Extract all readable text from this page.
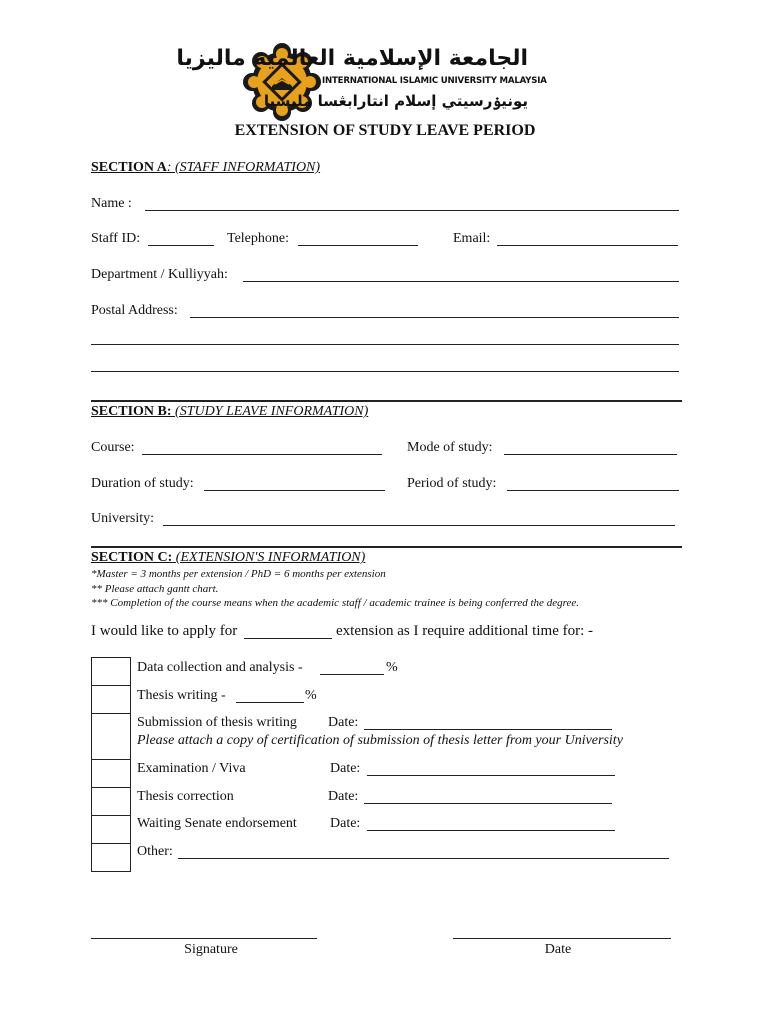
الجامعة الإسلامية العالمية ماليزيا
INTERNATIONAL ISLAMIC UNIVERSITY MALAYSIA
يونيۏرسيتي إسلام انتارابڠسا مليسيا
EXTENSION OF STUDY LEAVE PERIOD
SECTION A: (STAFF INFORMATION)
Name :
Staff ID:	Telephone:	Email:
Department / Kulliyyah:
Postal Address:
SECTION B: (STUDY LEAVE INFORMATION)
Course:	Mode of study:
Duration of study:	Period of study:
University:
SECTION C: (EXTENSION'S INFORMATION)
*Master = 3 months per extension / PhD = 6 months per extension
** Please attach gantt chart.
*** Completion of the course means when the academic staff / academic trainee is being conferred the degree.
I would like to apply for	extension as I require additional time for: -
Data collection and analysis -	%
Thesis writing -	%
Submission of thesis writing Date:
Please attach a copy of certification of submission of thesis letter from your University
Examination / Viva	Date:
Thesis correction	Date:
Waiting Senate endorsement Date:
Other:
Signature	Date
